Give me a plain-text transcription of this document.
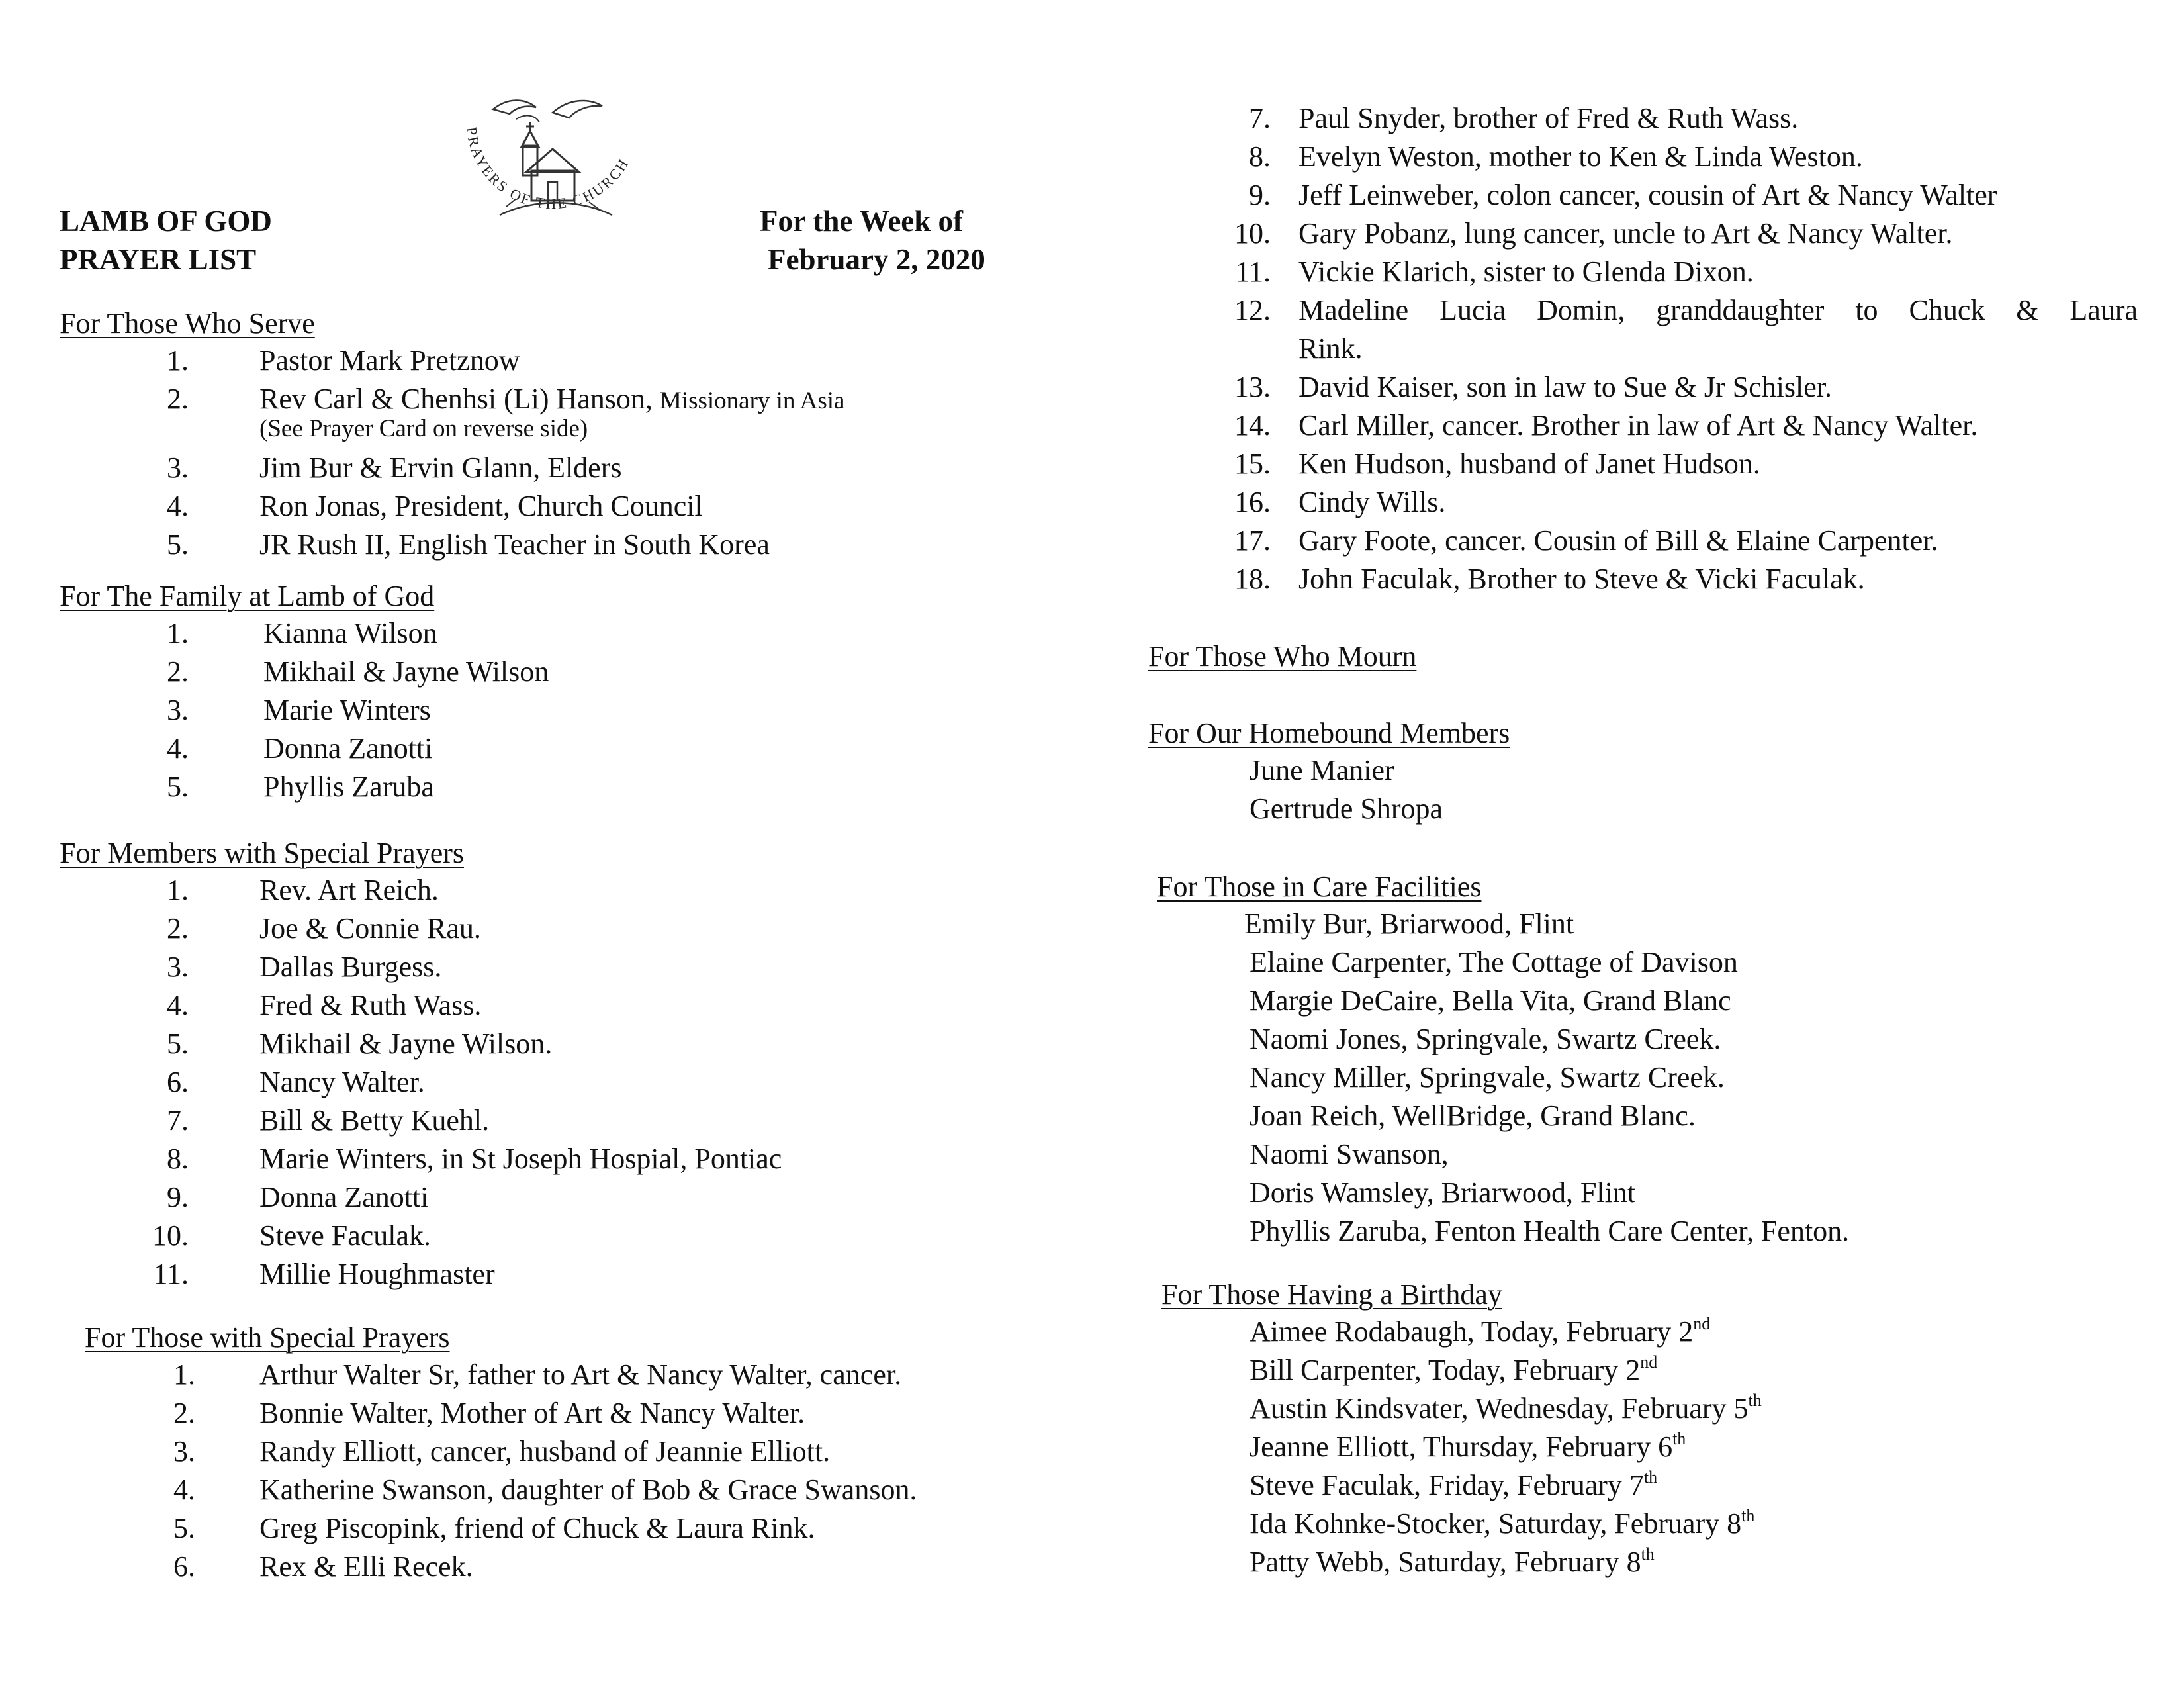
LAMB OF GOD
PRAYER LIST
For the Week of
February 2, 2020
PRAYERS OF THE CHURCH
For Those Who Serve
1. Pastor Mark Pretznow
2. Rev Carl & Chenhsi (Li) Hanson, Missionary in Asia
(See Prayer Card on reverse side)
3. Jim Bur & Ervin Glann, Elders
4. Ron Jonas, President, Church Council
5. JR Rush II, English Teacher in South Korea
For The Family at Lamb of God
1.	Kianna Wilson
2.	Mikhail & Jayne Wilson
3.	Marie Winters
4.	Donna Zanotti
5.	Phyllis Zaruba
For Members with Special Prayers
1. Rev. Art Reich.
2. Joe & Connie Rau.
3. Dallas Burgess.
4. Fred & Ruth Wass.
5. Mikhail & Jayne Wilson.
6. Nancy Walter.
7. Bill & Betty Kuehl.
8. Marie Winters, in St Joseph Hospial, Pontiac
9. Donna Zanotti
10. Steve Faculak.
11. Millie Houghmaster
For Those with Special Prayers
1. Arthur Walter Sr, father to Art & Nancy Walter, cancer.
2. Bonnie Walter, Mother of Art & Nancy Walter.
3. Randy Elliott, cancer, husband of Jeannie Elliott.
4. Katherine Swanson, daughter of Bob & Grace Swanson.
5. Greg Piscopink, friend of Chuck & Laura Rink.
6. Rex & Elli Recek.
7. Paul Snyder, brother of Fred & Ruth Wass.
8. Evelyn Weston, mother to Ken & Linda Weston.
9. Jeff Leinweber, colon cancer, cousin of Art & Nancy Walter
10. Gary Pobanz, lung cancer, uncle to Art & Nancy Walter.
11. Vickie Klarich, sister to Glenda Dixon.
12. Madeline Lucia Domin, granddaughter to Chuck & Laura
Rink.
13. David Kaiser, son in law to Sue & Jr Schisler.
14. Carl Miller, cancer. Brother in law of Art & Nancy Walter.
15. Ken Hudson, husband of Janet Hudson.
16. Cindy Wills.
17. Gary Foote, cancer. Cousin of Bill & Elaine Carpenter.
18. John Faculak, Brother to Steve & Vicki Faculak.
For Those Who Mourn
For Our Homebound Members
June Manier
Gertrude Shropa
For Those in Care Facilities
Emily Bur, Briarwood, Flint
Elaine Carpenter, The Cottage of Davison
Margie DeCaire, Bella Vita, Grand Blanc
Naomi Jones, Springvale, Swartz Creek.
Nancy Miller, Springvale, Swartz Creek.
Joan Reich, WellBridge, Grand Blanc.
Naomi Swanson,
Doris Wamsley, Briarwood, Flint
Phyllis Zaruba, Fenton Health Care Center, Fenton.
For Those Having a Birthday
Aimee Rodabaugh, Today, February 2nd
Bill Carpenter, Today, February 2nd
Austin Kindsvater, Wednesday, February 5th
Jeanne Elliott, Thursday, February 6th
Steve Faculak, Friday, February 7th
Ida Kohnke-Stocker, Saturday, February 8th
Patty Webb, Saturday, February 8th
